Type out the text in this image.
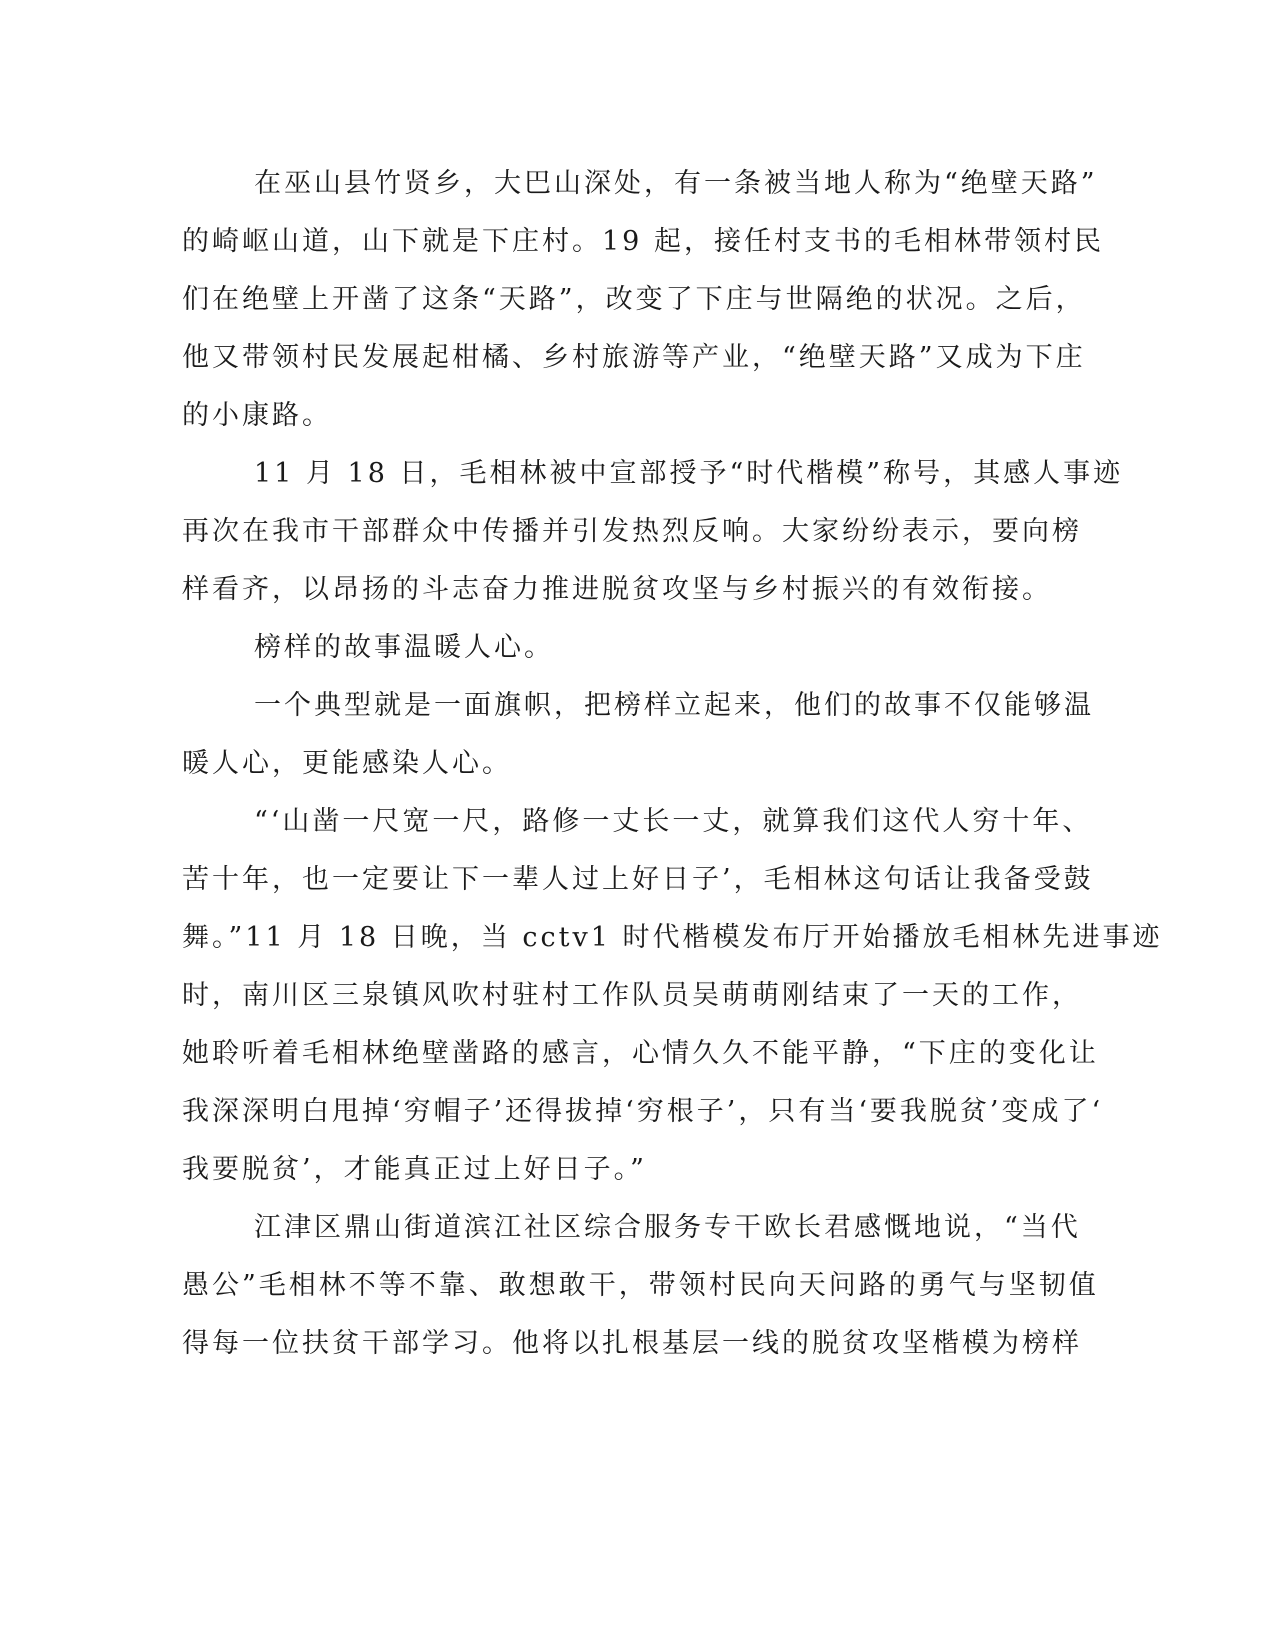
在巫山县竹贤乡，大巴山深处，有一条被当地人称为“绝壁天路”
的崎岖山道，山下就是下庄村。19 起，接任村支书的毛相林带领村民
们在绝壁上开凿了这条“天路”，改变了下庄与世隔绝的状况。之后，
他又带领村民发展起柑橘、乡村旅游等产业，“绝壁天路”又成为下庄
的小康路。
11 月 18 日，毛相林被中宣部授予“时代楷模”称号，其感人事迹
再次在我市干部群众中传播并引发热烈反响。大家纷纷表示，要向榜
样看齐，以昂扬的斗志奋力推进脱贫攻坚与乡村振兴的有效衔接。
榜样的故事温暖人心。
一个典型就是一面旗帜，把榜样立起来，他们的故事不仅能够温
暖人心，更能感染人心。
“‘山凿一尺宽一尺，路修一丈长一丈，就算我们这代人穷十年、
苦十年，也一定要让下一辈人过上好日子’，毛相林这句话让我备受鼓
舞。”11 月 18 日晚，当 cctv1 时代楷模发布厅开始播放毛相林先进事迹
时，南川区三泉镇风吹村驻村工作队员吴萌萌刚结束了一天的工作，
她聆听着毛相林绝壁凿路的感言，心情久久不能平静，“下庄的变化让
我深深明白甩掉‘穷帽子’还得拔掉‘穷根子’，只有当‘要我脱贫’变成了‘
我要脱贫’，才能真正过上好日子。”
江津区鼎山街道滨江社区综合服务专干欧长君感慨地说，“当代
愚公”毛相林不等不靠、敢想敢干，带领村民向天问路的勇气与坚韧值
得每一位扶贫干部学习。他将以扎根基层一线的脱贫攻坚楷模为榜样
